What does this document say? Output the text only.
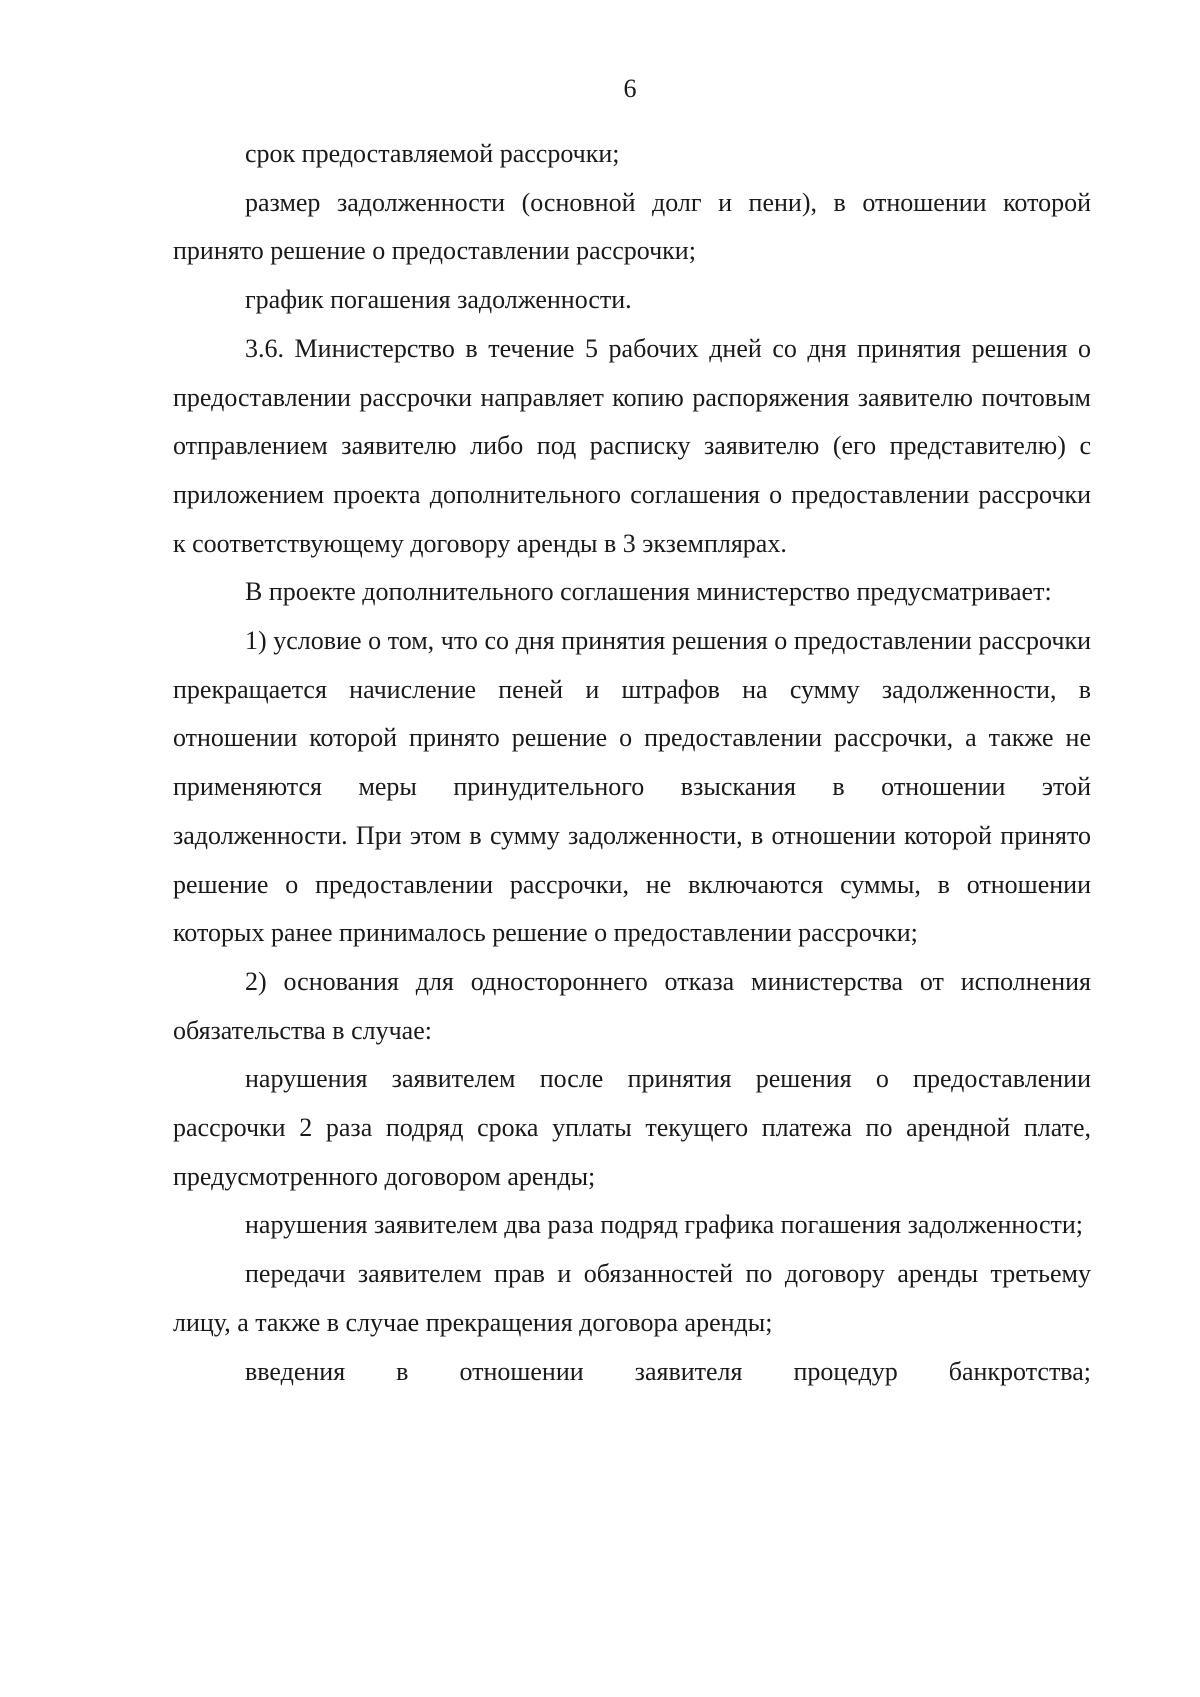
6

срок предоставляемой рассрочки;

размер задолженности (основной долг и пени), в отношении которой принято решение о предоставлении рассрочки;

график погашения задолженности.

3.6. Министерство в течение 5 рабочих дней со дня принятия решения о предоставлении рассрочки направляет копию распоряжения заявителю почтовым отправлением заявителю либо под расписку заявителю (его представителю) с приложением проекта дополнительного соглашения о предоставлении рассрочки к соответствующему договору аренды в 3 экземплярах.

В проекте дополнительного соглашения министерство предусматривает:

1) условие о том, что со дня принятия решения о предоставлении рассрочки прекращается начисление пеней и штрафов на сумму задолженности, в отношении которой принято решение о предоставлении рассрочки, а также не применяются меры принудительного взыскания в отношении этой задолженности. При этом в сумму задолженности, в отношении которой принято решение о предоставлении рассрочки, не включаются суммы, в отношении которых ранее принималось решение о предоставлении рассрочки;

2) основания для одностороннего отказа министерства от исполнения обязательства в случае:

нарушения заявителем после принятия решения о предоставлении рассрочки 2 раза подряд срока уплаты текущего платежа по арендной плате, предусмотренного договором аренды;

нарушения заявителем два раза подряд графика погашения задолженности;

передачи заявителем прав и обязанностей по договору аренды третьему лицу, а также в случае прекращения договора аренды;

введения в отношении заявителя процедур банкротства;
